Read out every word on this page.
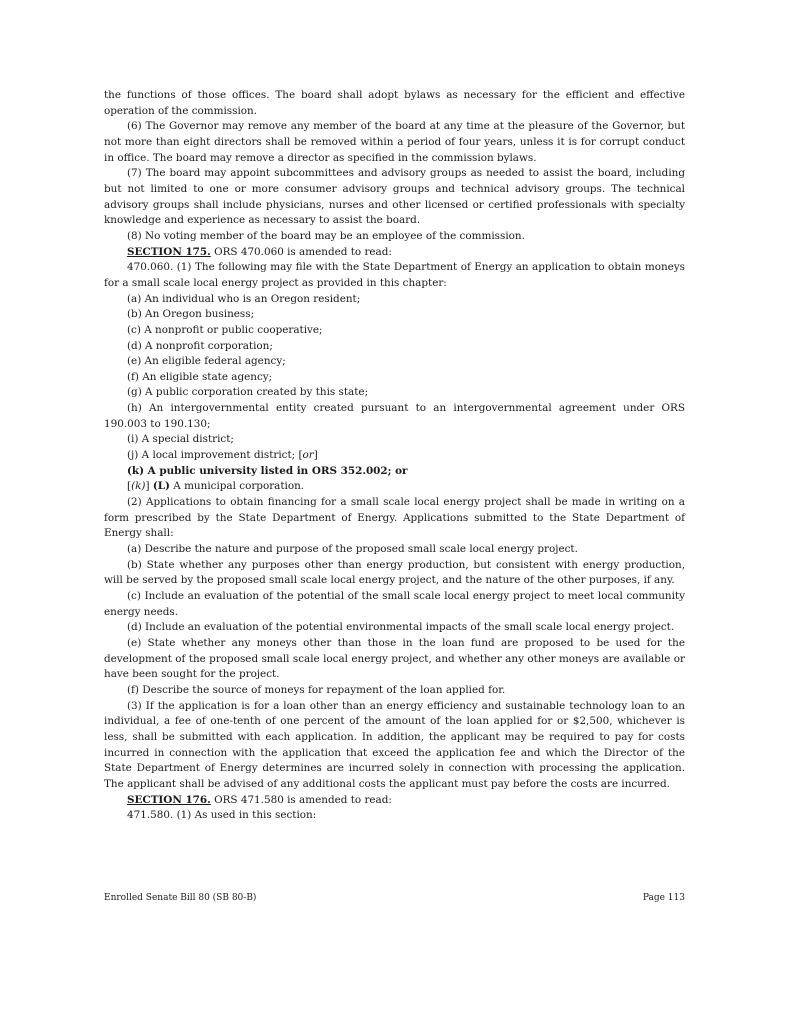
the functions of those offices. The board shall adopt bylaws as necessary for the efficient and effective operation of the commission.

(6) The Governor may remove any member of the board at any time at the pleasure of the Governor, but not more than eight directors shall be removed within a period of four years, unless it is for corrupt conduct in office. The board may remove a director as specified in the commission bylaws.

(7) The board may appoint subcommittees and advisory groups as needed to assist the board, including but not limited to one or more consumer advisory groups and technical advisory groups. The technical advisory groups shall include physicians, nurses and other licensed or certified professionals with specialty knowledge and experience as necessary to assist the board.

(8) No voting member of the board may be an employee of the commission.

SECTION 175. ORS 470.060 is amended to read:

470.060. (1) The following may file with the State Department of Energy an application to obtain moneys for a small scale local energy project as provided in this chapter:

(a) An individual who is an Oregon resident;

(b) An Oregon business;

(c) A nonprofit or public cooperative;

(d) A nonprofit corporation;

(e) An eligible federal agency;

(f) An eligible state agency;

(g) A public corporation created by this state;

(h) An intergovernmental entity created pursuant to an intergovernmental agreement under ORS 190.003 to 190.130;

(i) A special district;

(j) A local improvement district; [or]

(k) A public university listed in ORS 352.002; or

[(k)] (L) A municipal corporation.

(2) Applications to obtain financing for a small scale local energy project shall be made in writing on a form prescribed by the State Department of Energy. Applications submitted to the State Department of Energy shall:

(a) Describe the nature and purpose of the proposed small scale local energy project.

(b) State whether any purposes other than energy production, but consistent with energy production, will be served by the proposed small scale local energy project, and the nature of the other purposes, if any.

(c) Include an evaluation of the potential of the small scale local energy project to meet local community energy needs.

(d) Include an evaluation of the potential environmental impacts of the small scale local energy project.

(e) State whether any moneys other than those in the loan fund are proposed to be used for the development of the proposed small scale local energy project, and whether any other moneys are available or have been sought for the project.

(f) Describe the source of moneys for repayment of the loan applied for.

(3) If the application is for a loan other than an energy efficiency and sustainable technology loan to an individual, a fee of one-tenth of one percent of the amount of the loan applied for or $2,500, whichever is less, shall be submitted with each application. In addition, the applicant may be required to pay for costs incurred in connection with the application that exceed the application fee and which the Director of the State Department of Energy determines are incurred solely in connection with processing the application. The applicant shall be advised of any additional costs the applicant must pay before the costs are incurred.

SECTION 176. ORS 471.580 is amended to read:

471.580. (1) As used in this section:

Enrolled Senate Bill 80 (SB 80-B)	Page 113
